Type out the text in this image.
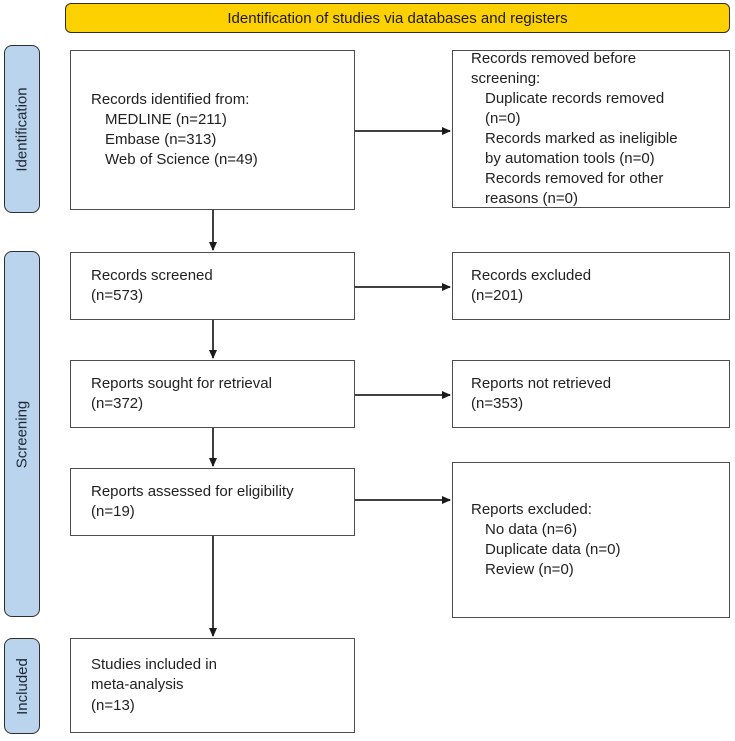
Identification of studies via databases and registers
Identification
Screening
Included
Records identified from:
MEDLINE (n=211)
Embase (n=313)
Web of Science (n=49)
Records removed before
screening:
Duplicate records removed
(n=0)
Records marked as ineligible
by automation tools (n=0)
Records removed for other
reasons (n=0)
Records screened
(n=573)
Records excluded
(n=201)
Reports sought for retrieval
(n=372)
Reports not retrieved
(n=353)
Reports assessed for eligibility
(n=19)	Reports excluded:
No data (n=6)
Duplicate data (n=0)
Review (n=0)
Studies included in
meta-analysis
(n=13)
